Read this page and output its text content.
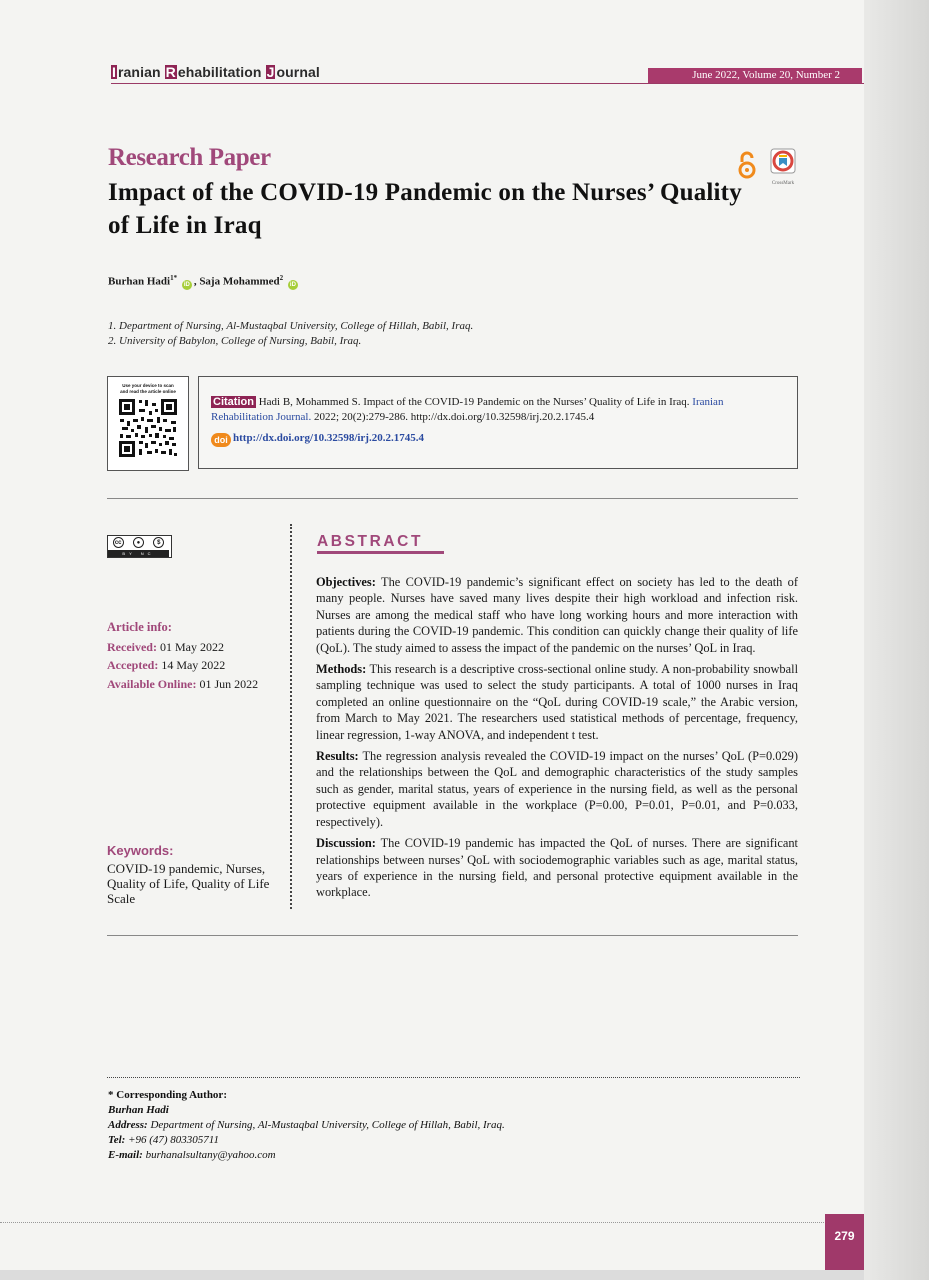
I ranian R ehabilitation J ournal	June 2022, Volume 20, Number 2
Research Paper
Impact of the COVID-19 Pandemic on the Nurses’ Quality of Life in Iraq
CrossMark
Burhan Hadi$^{1*}$ iD , Saja Mohammed$^2$ iD
1. Department of Nursing, Al-Mustaqbal University, College of Hillah, Babil, Iraq.
2. University of Babylon, College of Nursing, Babil, Iraq.
Use your device to scan
and read the article online
Citation Hadi B, Mohammed S. Impact of the COVID-19 Pandemic on the Nurses’ Quality of Life in Iraq. Iranian Rehabilitation Journal. 2022; 20(2):279-286. http://dx.doi.org/10.32598/irj.20.2.1745.4
doi http://dx.doi.org/10.32598/irj.20.2.1745.4
cc	●	$
BY NC
Article info:
Received: 01 May 2022
Accepted: 14 May 2022
Available Online: 01 Jun 2022
Keywords:
COVID-19 pandemic, Nurses, Quality of Life, Quality of Life Scale
ABSTRACT

Objectives: The COVID-19 pandemic’s significant effect on society has led to the death of many people. Nurses have saved many lives despite their high workload and infection risk. Nurses are among the medical staff who have long working hours and more interaction with patients during the COVID-19 pandemic. This condition can quickly change their quality of life (QoL). The study aimed to assess the impact of the pandemic on the nurses’ QoL in Iraq.

Methods: This research is a descriptive cross-sectional online study. A non-probability snowball sampling technique was used to select the study participants. A total of 1000 nurses in Iraq completed an online questionnaire on the “QoL during COVID-19 scale,” the Arabic version, from March to May 2021. The researchers used statistical methods of percentage, frequency, linear regression, 1-way ANOVA, and independent t test.

Results: The regression analysis revealed the COVID-19 impact on the nurses’ QoL (P=0.029) and the relationships between the QoL and demographic characteristics of the study samples such as gender, marital status, years of experience in the nursing field, as well as the personal protective equipment available in the workplace (P=0.00, P=0.01, P=0.01, and P=0.033, respectively).

Discussion: The COVID-19 pandemic has impacted the QoL of nurses. There are significant relationships between nurses’ QoL with sociodemographic variables such as age, marital status, years of experience in the nursing field, and personal protective equipment available in the workplace.

* Corresponding Author:
Burhan Hadi
Address: Department of Nursing, Al-Mustaqbal University, College of Hillah, Babil, Iraq.
Tel: +96 (47) 803305711
E-mail: burhanalsultany@yahoo.com
279
